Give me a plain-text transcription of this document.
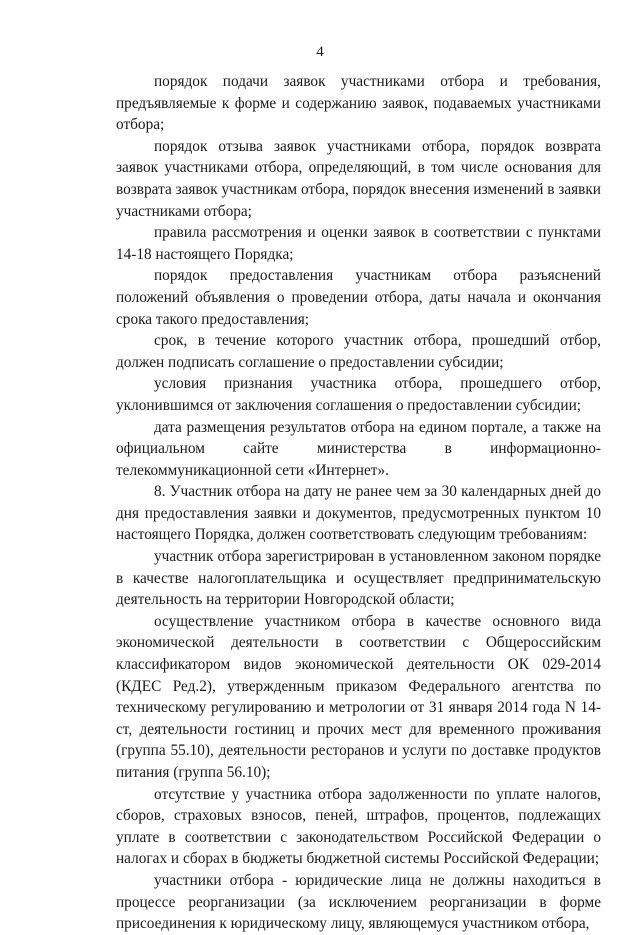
4

порядок подачи заявок участниками отбора и требования, предъявляемые к форме и содержанию заявок, подаваемых участниками отбора;

порядок отзыва заявок участниками отбора, порядок возврата заявок участниками отбора, определяющий, в том числе основания для возврата заявок участникам отбора, порядок внесения изменений в заявки участниками отбора;

правила рассмотрения и оценки заявок в соответствии с пунктами 14-18 настоящего Порядка;

порядок предоставления участникам отбора разъяснений положений объявления о проведении отбора, даты начала и окончания срока такого предоставления;

срок, в течение которого участник отбора, прошедший отбор, должен подписать соглашение о предоставлении субсидии;

условия признания участника отбора, прошедшего отбор, уклонившимся от заключения соглашения о предоставлении субсидии;

дата размещения результатов отбора на едином портале, а также на официальном сайте министерства в информационно-телекоммуникационной сети «Интернет».

8. Участник отбора на дату не ранее чем за 30 календарных дней до дня предоставления заявки и документов, предусмотренных пунктом 10 настоящего Порядка, должен соответствовать следующим требованиям:

участник отбора зарегистрирован в установленном законом порядке в качестве налогоплательщика и осуществляет предпринимательскую деятельность на территории Новгородской области;

осуществление участником отбора в качестве основного вида экономической деятельности в соответствии с Общероссийским классификатором видов экономической деятельности ОК 029-2014 (КДЕС Ред.2), утвержденным приказом Федерального агентства по техническому регулированию и метрологии от 31 января 2014 года N 14-ст, деятельности гостиниц и прочих мест для временного проживания (группа 55.10), деятельности ресторанов и услуги по доставке продуктов питания (группа 56.10);

отсутствие у участника отбора задолженности по уплате налогов, сборов, страховых взносов, пеней, штрафов, процентов, подлежащих уплате в соответствии с законодательством Российской Федерации о налогах и сборах в бюджеты бюджетной системы Российской Федерации;

участники отбора - юридические лица не должны находиться в процессе реорганизации (за исключением реорганизации в форме присоединения к юридическому лицу, являющемуся участником отбора,
